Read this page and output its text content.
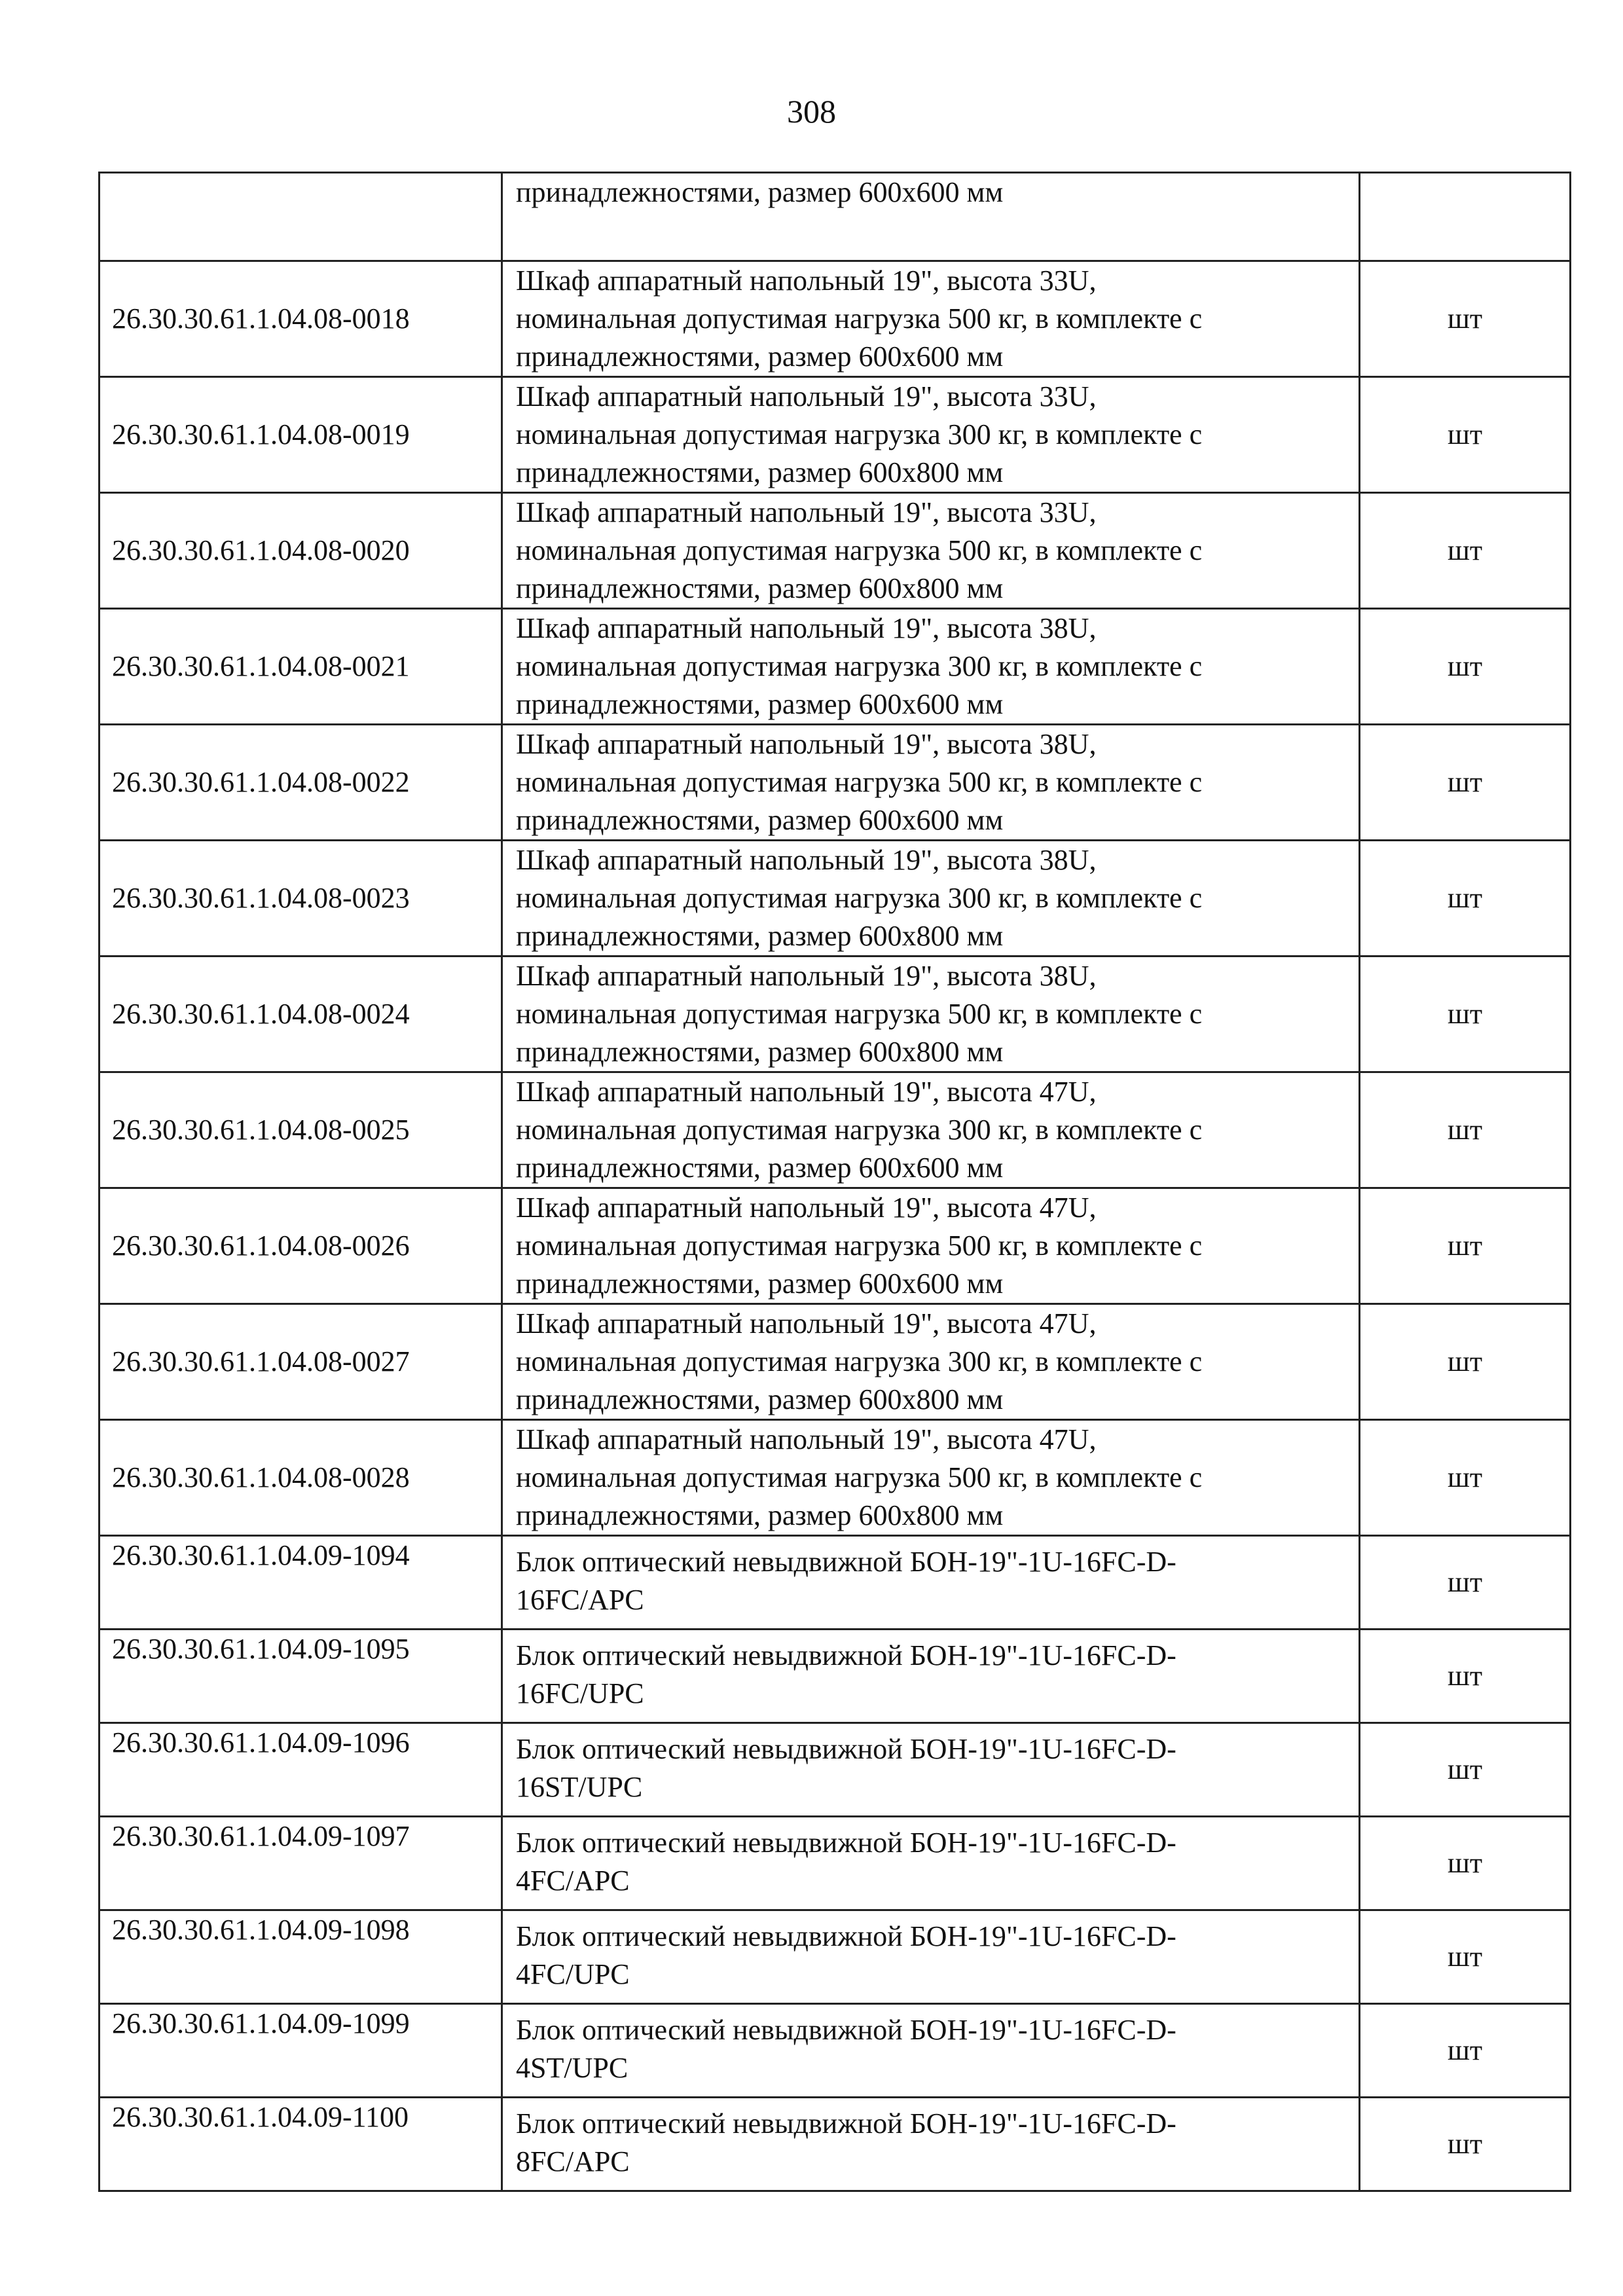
308

	принадлежностями, размер 600х600 мм	

26.30.30.61.1.04.08-0018	Шкаф аппаратный напольный 19", высота 33U,
номинальная допустимая нагрузка 500 кг, в комплекте с
принадлежностями, размер 600х600 мм	шт
26.30.30.61.1.04.08-0019	Шкаф аппаратный напольный 19", высота 33U,
номинальная допустимая нагрузка 300 кг, в комплекте с
принадлежностями, размер 600х800 мм	шт
26.30.30.61.1.04.08-0020	Шкаф аппаратный напольный 19", высота 33U,
номинальная допустимая нагрузка 500 кг, в комплекте с
принадлежностями, размер 600х800 мм	шт
26.30.30.61.1.04.08-0021	Шкаф аппаратный напольный 19", высота 38U,
номинальная допустимая нагрузка 300 кг, в комплекте с
принадлежностями, размер 600х600 мм	шт
26.30.30.61.1.04.08-0022	Шкаф аппаратный напольный 19", высота 38U,
номинальная допустимая нагрузка 500 кг, в комплекте с
принадлежностями, размер 600х600 мм	шт
26.30.30.61.1.04.08-0023	Шкаф аппаратный напольный 19", высота 38U,
номинальная допустимая нагрузка 300 кг, в комплекте с
принадлежностями, размер 600х800 мм	шт
26.30.30.61.1.04.08-0024	Шкаф аппаратный напольный 19", высота 38U,
номинальная допустимая нагрузка 500 кг, в комплекте с
принадлежностями, размер 600х800 мм	шт
26.30.30.61.1.04.08-0025	Шкаф аппаратный напольный 19", высота 47U,
номинальная допустимая нагрузка 300 кг, в комплекте с
принадлежностями, размер 600х600 мм	шт
26.30.30.61.1.04.08-0026	Шкаф аппаратный напольный 19", высота 47U,
номинальная допустимая нагрузка 500 кг, в комплекте с
принадлежностями, размер 600х600 мм	шт
26.30.30.61.1.04.08-0027	Шкаф аппаратный напольный 19", высота 47U,
номинальная допустимая нагрузка 300 кг, в комплекте с
принадлежностями, размер 600х800 мм	шт
26.30.30.61.1.04.08-0028	Шкаф аппаратный напольный 19", высота 47U,
номинальная допустимая нагрузка 500 кг, в комплекте с
принадлежностями, размер 600х800 мм	шт
26.30.30.61.1.04.09-1094	Блок оптический невыдвижной БОН-19"-1U-16FC-D-
16FC/APC	шт
26.30.30.61.1.04.09-1095	Блок оптический невыдвижной БОН-19"-1U-16FC-D-
16FC/UPC	шт
26.30.30.61.1.04.09-1096	Блок оптический невыдвижной БОН-19"-1U-16FC-D-
16ST/UPC	шт
26.30.30.61.1.04.09-1097	Блок оптический невыдвижной БОН-19"-1U-16FC-D-
4FC/APC	шт
26.30.30.61.1.04.09-1098	Блок оптический невыдвижной БОН-19"-1U-16FC-D-
4FC/UPC	шт
26.30.30.61.1.04.09-1099	Блок оптический невыдвижной БОН-19"-1U-16FC-D-
4ST/UPC	шт
26.30.30.61.1.04.09-1100	Блок оптический невыдвижной БОН-19"-1U-16FC-D-
8FC/APC	шт
